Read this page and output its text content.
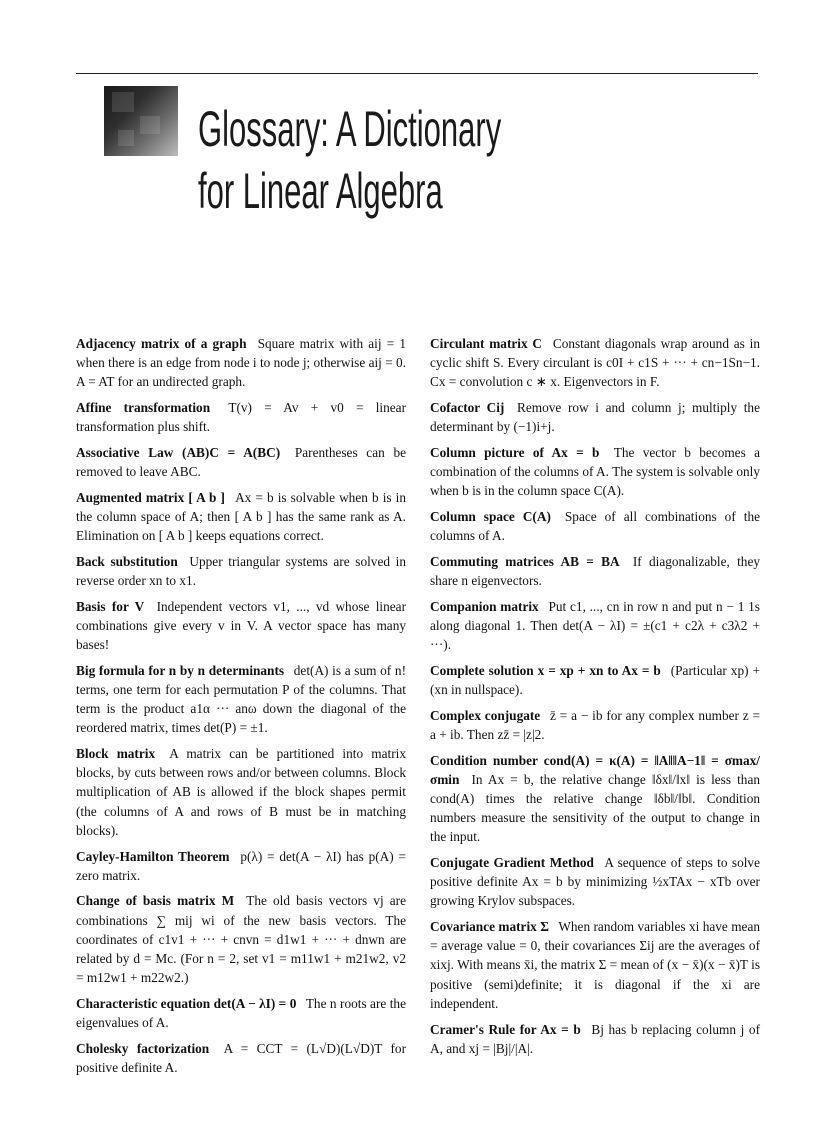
Glossary: A Dictionary
for Linear Algebra

Adjacency matrix of a graph Square matrix with aij = 1 when there is an edge from node i to node j; otherwise aij = 0. A = AT for an undirected graph.

Affine transformation T(v) = Av + v0 = linear transformation plus shift.

Associative Law (AB)C = A(BC) Parentheses can be removed to leave ABC.

Augmented matrix [ A b ] Ax = b is solvable when b is in the column space of A; then [ A b ] has the same rank as A. Elimination on [ A b ] keeps equations correct.

Back substitution Upper triangular systems are solved in reverse order xn to x1.

Basis for V Independent vectors v1, ..., vd whose linear combinations give every v in V. A vector space has many bases!

Big formula for n by n determinants det(A) is a sum of n! terms, one term for each permutation P of the columns. That term is the product a1α ··· anω down the diagonal of the reordered matrix, times det(P) = ±1.

Block matrix A matrix can be partitioned into matrix blocks, by cuts between rows and/or between columns. Block multiplication of AB is allowed if the block shapes permit (the columns of A and rows of B must be in matching blocks).

Cayley-Hamilton Theorem p(λ) = det(A − λI) has p(A) = zero matrix.

Change of basis matrix M The old basis vectors vj are combinations ∑ mij wi of the new basis vectors. The coordinates of c1v1 + ··· + cnvn = d1w1 + ··· + dnwn are related by d = Mc. (For n = 2, set v1 = m11w1 + m21w2, v2 = m12w1 + m22w2.)

Characteristic equation det(A − λI) = 0 The n roots are the eigenvalues of A.

Cholesky factorization A = CCT = (L√D)(L√D)T for positive definite A.

Circulant matrix C Constant diagonals wrap around as in cyclic shift S. Every circulant is c0I + c1S + ··· + cn−1Sn−1. Cx = convolution c ∗ x. Eigenvectors in F.

Cofactor Cij Remove row i and column j; multiply the determinant by (−1)i+j.

Column picture of Ax = b The vector b becomes a combination of the columns of A. The system is solvable only when b is in the column space C(A).

Column space C(A) Space of all combinations of the columns of A.

Commuting matrices AB = BA If diagonalizable, they share n eigenvectors.

Companion matrix Put c1, ..., cn in row n and put n − 1 1s along diagonal 1. Then det(A − λI) = ±(c1 + c2λ + c3λ2 + ···).

Complete solution x = xp + xn to Ax = b (Particular xp) + (xn in nullspace).

Complex conjugate z̄ = a − ib for any complex number z = a + ib. Then zz̄ = |z|2.

Condition number cond(A) = κ(A) = ‖A‖‖A−1‖ = σmax/σmin In Ax = b, the relative change ‖δx‖/‖x‖ is less than cond(A) times the relative change ‖δb‖/‖b‖. Condition numbers measure the sensitivity of the output to change in the input.

Conjugate Gradient Method A sequence of steps to solve positive definite Ax = b by minimizing ½xTAx − xTb over growing Krylov subspaces.

Covariance matrix Σ When random variables xi have mean = average value = 0, their covariances Σij are the averages of xixj. With means x̄i, the matrix Σ = mean of (x − x̄)(x − x̄)T is positive (semi)definite; it is diagonal if the xi are independent.

Cramer's Rule for Ax = b Bj has b replacing column j of A, and xj = |Bj|/|A|.
